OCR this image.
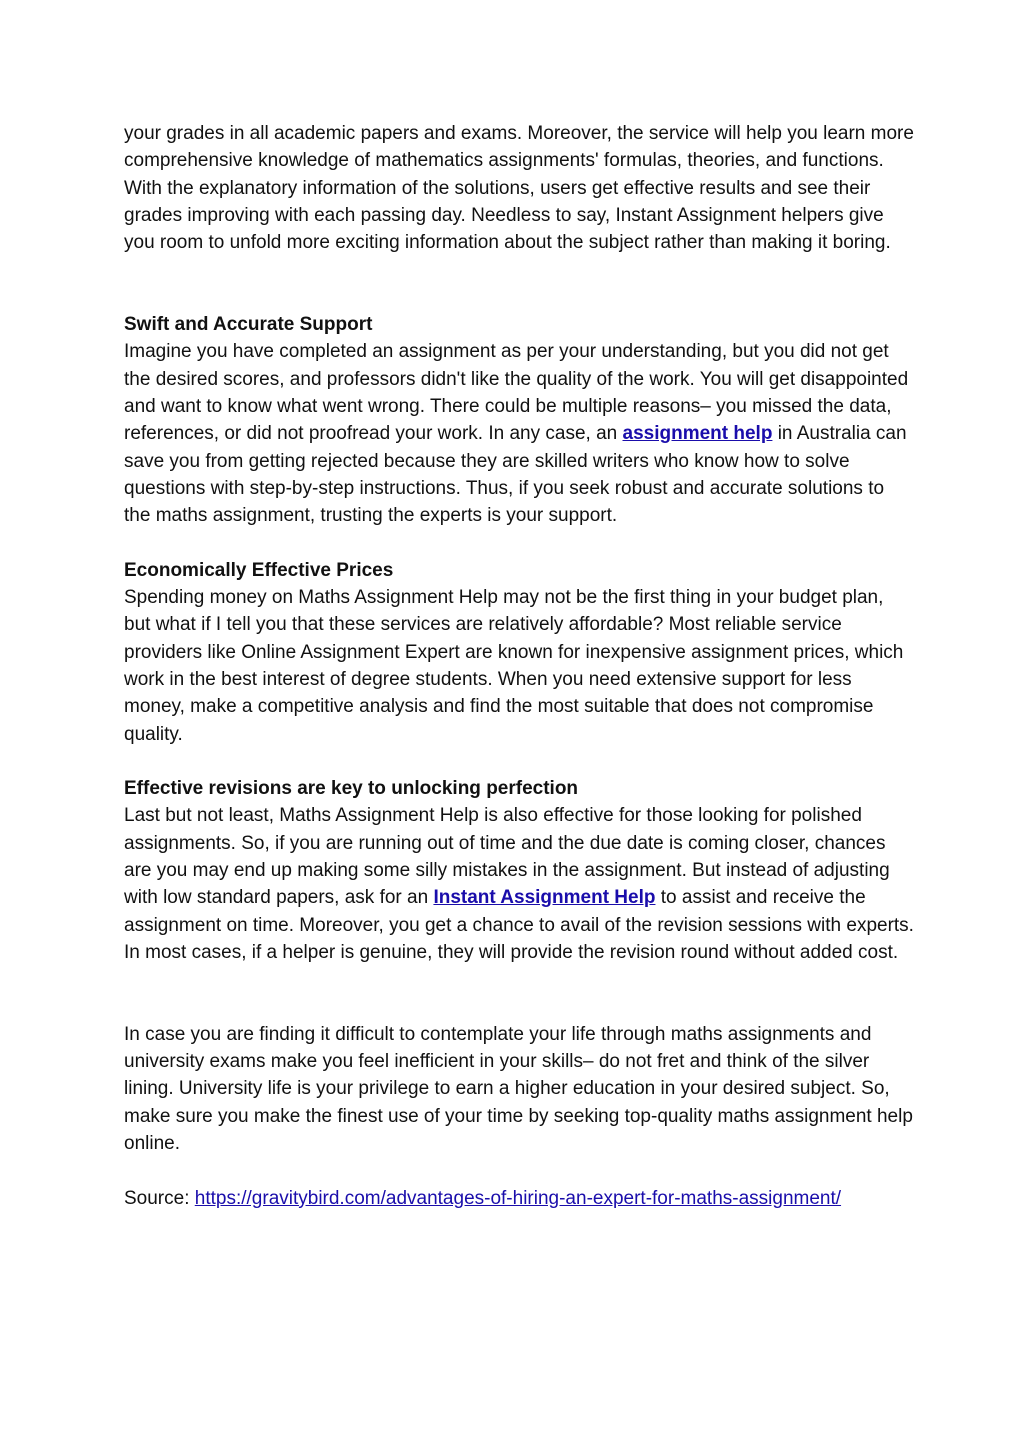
your grades in all academic papers and exams. Moreover, the service will help you learn more comprehensive knowledge of mathematics assignments' formulas, theories, and functions. With the explanatory information of the solutions, users get effective results and see their grades improving with each passing day. Needless to say, Instant Assignment helpers give you room to unfold more exciting information about the subject rather than making it boring.

Swift and Accurate Support

Imagine you have completed an assignment as per your understanding, but you did not get the desired scores, and professors didn't like the quality of the work. You will get disappointed and want to know what went wrong. There could be multiple reasons– you missed the data, references, or did not proofread your work. In any case, an assignment help in Australia can save you from getting rejected because they are skilled writers who know how to solve questions with step-by-step instructions. Thus, if you seek robust and accurate solutions to the maths assignment, trusting the experts is your support.

Economically Effective Prices

Spending money on Maths Assignment Help may not be the first thing in your budget plan, but what if I tell you that these services are relatively affordable? Most reliable service providers like Online Assignment Expert are known for inexpensive assignment prices, which work in the best interest of degree students. When you need extensive support for less money, make a competitive analysis and find the most suitable that does not compromise quality.

Effective revisions are key to unlocking perfection

Last but not least, Maths Assignment Help is also effective for those looking for polished assignments. So, if you are running out of time and the due date is coming closer, chances are you may end up making some silly mistakes in the assignment. But instead of adjusting with low standard papers, ask for an Instant Assignment Help to assist and receive the assignment on time. Moreover, you get a chance to avail of the revision sessions with experts. In most cases, if a helper is genuine, they will provide the revision round without added cost.

In case you are finding it difficult to contemplate your life through maths assignments and university exams make you feel inefficient in your skills– do not fret and think of the silver lining. University life is your privilege to earn a higher education in your desired subject. So, make sure you make the finest use of your time by seeking top-quality maths assignment help online.

Source: https://gravitybird.com/advantages-of-hiring-an-expert-for-maths-assignment/
